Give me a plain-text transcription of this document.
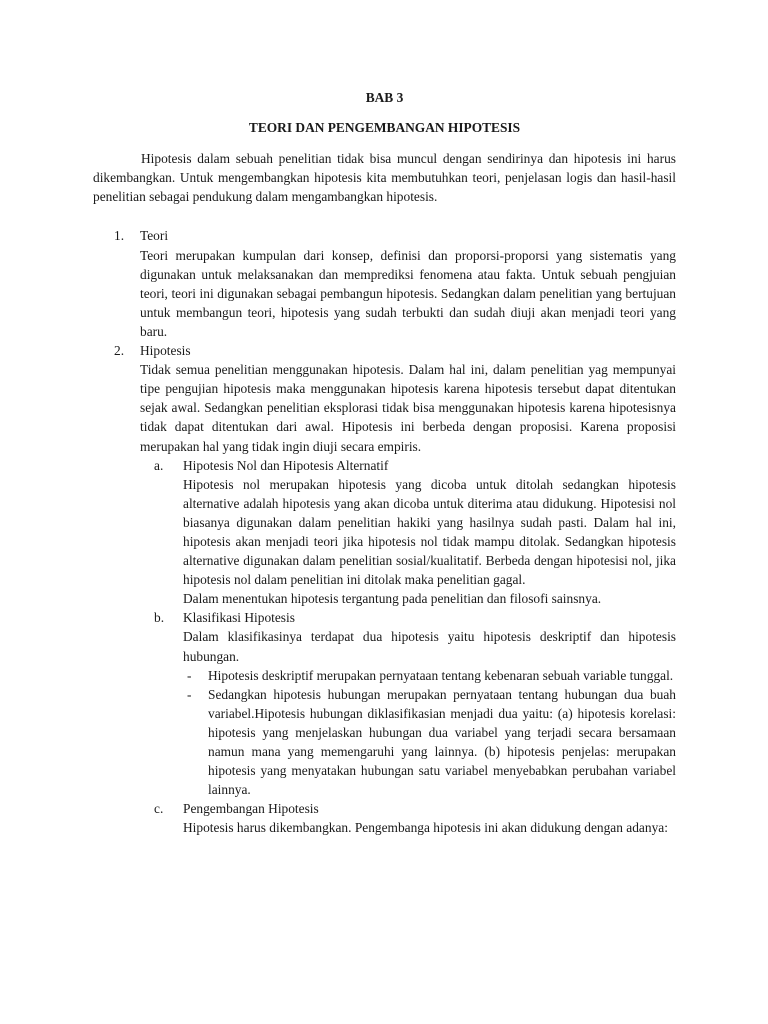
BAB 3
TEORI DAN PENGEMBANGAN HIPOTESIS

Hipotesis dalam sebuah penelitian tidak bisa muncul dengan sendirinya dan hipotesis ini harus dikembangkan. Untuk mengembangkan hipotesis kita membutuhkan teori, penjelasan logis dan hasil-hasil penelitian sebagai pendukung dalam mengambangkan hipotesis.

1. Teori

Teori merupakan kumpulan dari konsep, definisi dan proporsi-proporsi yang sistematis yang digunakan untuk melaksanakan dan memprediksi fenomena atau fakta. Untuk sebuah pengjuian teori, teori ini digunakan sebagai pembangun hipotesis. Sedangkan dalam penelitian yang bertujuan untuk membangun teori, hipotesis yang sudah terbukti dan sudah diuji akan menjadi teori yang baru.

2. Hipotesis

Tidak semua penelitian menggunakan hipotesis. Dalam hal ini, dalam penelitian yag mempunyai tipe pengujian hipotesis maka menggunakan hipotesis karena hipotesis tersebut dapat ditentukan sejak awal. Sedangkan penelitian eksplorasi tidak bisa menggunakan hipotesis karena hipotesisnya tidak dapat ditentukan dari awal. Hipotesis ini berbeda dengan proposisi. Karena proposisi merupakan hal yang tidak ingin diuji secara empiris.

a. Hipotesis Nol dan Hipotesis Alternatif

Hipotesis nol merupakan hipotesis yang dicoba untuk ditolah sedangkan hipotesis alternative adalah hipotesis yang akan dicoba untuk diterima atau didukung. Hipotesisi nol biasanya digunakan dalam penelitian hakiki yang hasilnya sudah pasti. Dalam hal ini, hipotesis akan menjadi teori jika hipotesis nol tidak mampu ditolak. Sedangkan hipotesis alternative digunakan dalam penelitian sosial/kualitatif. Berbeda dengan hipotesisi nol, jika hipotesis nol dalam penelitian ini ditolak maka penelitian gagal.

Dalam menentukan hipotesis tergantung pada penelitian dan filosofi sainsnya.

b. Klasifikasi Hipotesis

Dalam klasifikasinya terdapat dua hipotesis yaitu hipotesis deskriptif dan hipotesis hubungan.

- Hipotesis deskriptif merupakan pernyataan tentang kebenaran sebuah variable tunggal.

- Sedangkan hipotesis hubungan merupakan pernyataan tentang hubungan dua buah variabel.Hipotesis hubungan diklasifikasian menjadi dua yaitu: (a) hipotesis korelasi: hipotesis yang menjelaskan hubungan dua variabel yang terjadi secara bersamaan namun mana yang memengaruhi yang lainnya. (b) hipotesis penjelas: merupakan hipotesis yang menyatakan hubungan satu variabel menyebabkan perubahan variabel lainnya.

c. Pengembangan Hipotesis

Hipotesis harus dikembangkan. Pengembanga hipotesis ini akan didukung dengan adanya:
